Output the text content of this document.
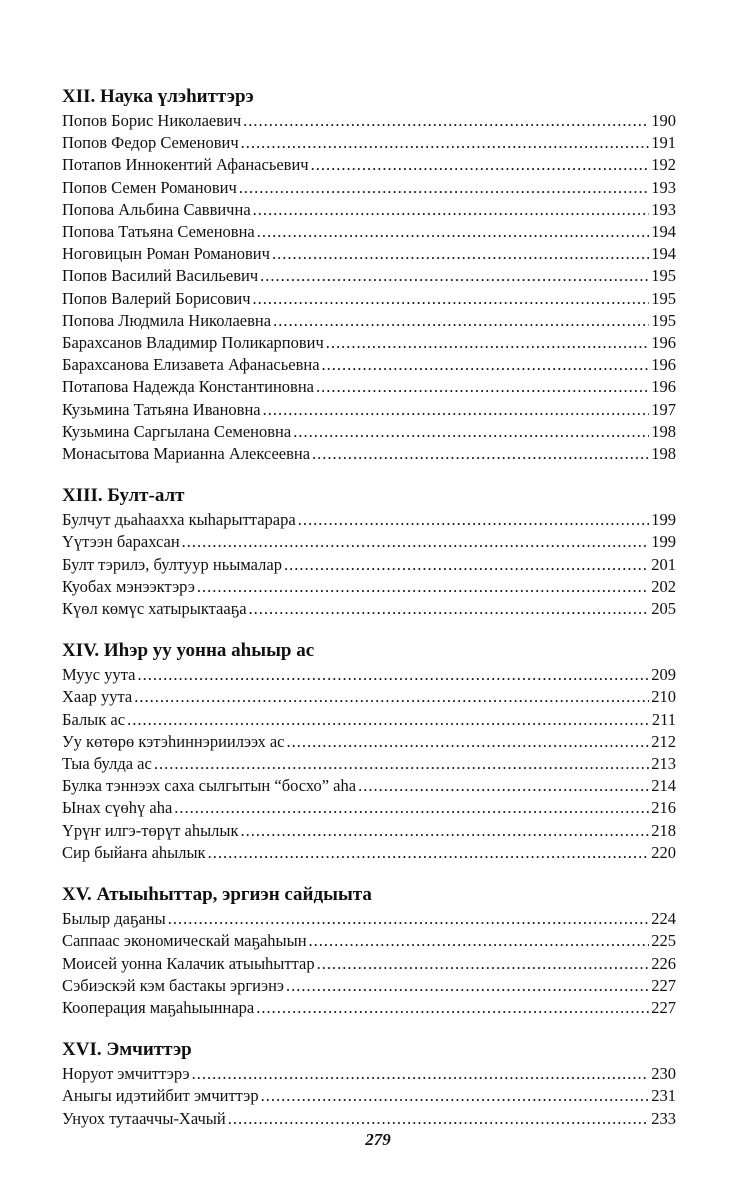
XII. Наука үлэhиттэрэ
Попов Борис Николаевич .....	190
Попов Федор Семенович .....	191
Потапов Иннокентий Афанасьевич .....	192
Попов Семен Романович .....	193
Попова Альбина Саввична .....	193
Попова Татьяна Семеновна .....	194
Ноговицын Роман Романович .....	194
Попов Василий Васильевич .....	195
Попов Валерий Борисович .....	195
Попова Людмила Николаевна .....	195
Барахсанов Владимир Поликарпович .....	196
Барахсанова Елизавета Афанасьевна .....	196
Потапова Надежда Константиновна .....	196
Кузьмина Татьяна Ивановна .....	197
Кузьмина Саргылана Семеновна .....	198
Монасытова Марианна Алексеевна .....	198
XIII. Булт-алт
Булчут дьаhаахха кыhарыттарара .....	199
Үүтээн барахсан .....	199
Булт тэрилэ, бултуур ньымалар .....	201
Куобах мэнээктэрэ .....	202
Күөл көмүс хатырыктааҕа .....	205
XIV. Иhэр уу уонна аhыыр ас
Муус уута .....	209
Хаар уута .....	210
Балык ас .....	211
Уу көтөрө кэтэhиннэриилээх ас .....	212
Тыа булда ас .....	213
Булка тэннээх саха сылгытын “босхо” аhа .....	214
Ынах сүөhү аhа .....	216
Үрүҥ илгэ-төрүт аhылык .....	218
Сир быйаҥа аhылык .....	220
XV. Атыыhыттар, эргиэн сайдыыта
Былыр даҕаны .....	224
Саппаас экономическай маҕаhыын .....	225
Моисей уонна Калачик атыыhыттар .....	226
Сэбиэскэй кэм бастакы эргиэнэ .....	227
Кооперация маҕаhыыннара .....	227
XVI. Эмчиттэр
Норуот эмчиттэрэ .....	230
Аныгы идэтийбит эмчиттэр .....	231
Унуох тутааччы-Хачый .....	233
279
